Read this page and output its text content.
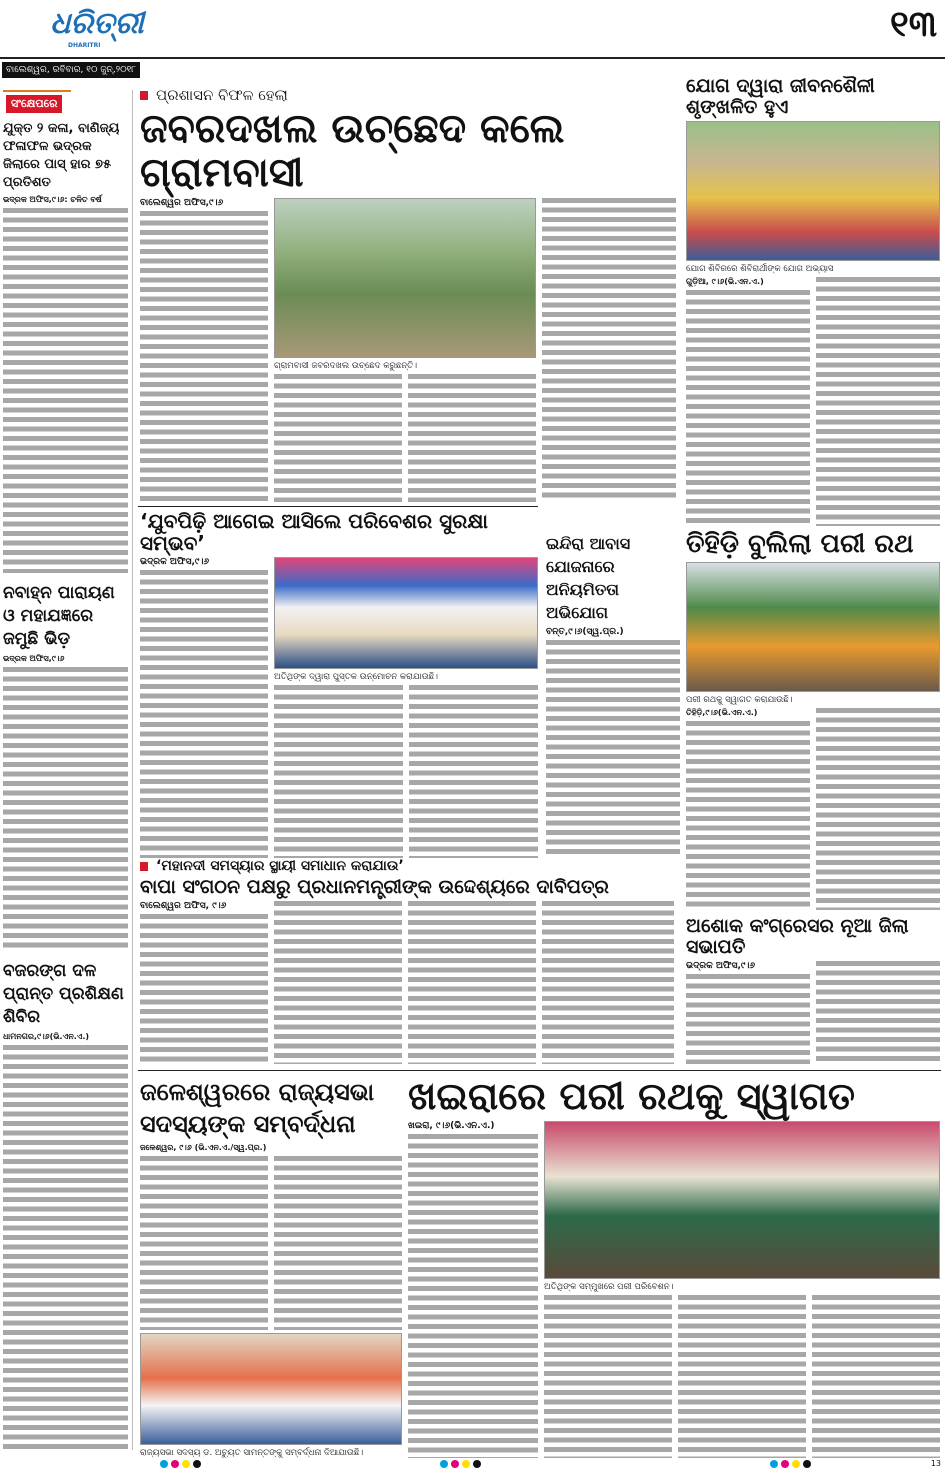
ଧରିତ୍ରୀ
DHARITRI
୧୩
ବାଲେଶ୍ୱର, ରବିବାର, ୧୦ ଜୁନ୍,୨୦୧୮
ସଂକ୍ଷେପରେ
ଯୁକ୍ତ ୨ କଳା, ବାଣିଜ୍ୟ ଫଳାଫଳ ଭଦ୍ରକ ଜିଲାରେ ପାସ୍ ହାର ୭୫ ପ୍ରତିଶତ
ଭଦ୍ରକ ଅଫିସ,୯।୬: ଚଳିତ ବର୍ଷ
ନବାହ୍ନ ପାରାୟଣ ଓ ମହାଯଜ୍ଞରେ ଜମୁଛି ଭିଡ଼
ଭଦ୍ରକ ଅଫିସ,୯।୬
ବଜରଙ୍ଗ ଦଳ ପ୍ରାନ୍ତ ପ୍ରଶିକ୍ଷଣ ଶିବିର
ଧାମନଗର,୯।୬(ଭି.ଏନ.ଏ.)
ପ୍ରଶାସନ ବିଫଳ ହେଲା
ଜବରଦଖଲ ଉଚ୍ଛେଦ କଲେ ଗ୍ରାମବାସୀ
ବାଲେଶ୍ୱର ଅଫିସ,୯।୬
ଗ୍ରାମବାସୀ ଜବରଦଖଲ ଉଚ୍ଛେଦ କରୁଛନ୍ତି।
ଯୋଗ ଦ୍ୱାରା ଜୀବନଶୈଳୀ ଶୃଙ୍ଖଳିତ ହୁଏ
ଯୋଗ ଶିବିରରେ ଶିବିରାର୍ଥୀଙ୍କ ଯୋଗ ଅଭ୍ୟାସ
ଗୁଡ଼ିଆ, ୯।୬(ଭି.ଏନ.ଏ.)
‘ଯୁବପିଢ଼ି ଆଗେଇ ଆସିଲେ ପରିବେଶର ସୁରକ୍ଷା ସମ୍ଭବ’
ଭଦ୍ରକ ଅଫିସ,୯।୬
ଅତିଥିଙ୍କ ଦ୍ୱାରା ପୁସ୍ତକ ଉନ୍ମୋଚନ କରାଯାଉଛି।
ଇନ୍ଦିରା ଆବାସ ଯୋଜନାରେ ଅନିୟମିତତା ଅଭିଯୋଗ
ବନ୍ତ,୯।୬(ସ୍ୱ.ପ୍ର.)
ତିହିଡ଼ି ବୁଲିଲା ପରୀ ରଥ
ପରୀ ରଥକୁ ସ୍ୱାଗତ କରାଯାଉଛି।
ତିହିଡ଼ି,୯।୬(ଭି.ଏନ.ଏ.)
‘ମହାନଦୀ ସମସ୍ୟାର ସ୍ଥାୟୀ ସମାଧାନ କରାଯାଉ’
ବାପା ସଂଗଠନ ପକ୍ଷରୁ ପ୍ରଧାନମନ୍ତ୍ରୀଙ୍କ ଉଦ୍ଦେଶ୍ୟରେ ଦାବିପତ୍ର
ବାଲେଶ୍ୱର ଅଫିସ, ୯।୬
ଅଶୋକ କଂଗ୍ରେସର ନୂଆ ଜିଲା ସଭାପତି
ଭଦ୍ରକ ଅଫିସ,୯।୬
ଜଳେଶ୍ୱରରେ ରାଜ୍ୟସଭା ସଦସ୍ୟଙ୍କ ସମ୍ବର୍ଦ୍ଧନା
ଜଳେଶ୍ୱର, ୯।୬ (ଭି.ଏନ.ଏ./ସ୍ୱ.ପ୍ର.)
ରାଜ୍ୟସଭା ସଦସ୍ୟ ଡ. ଅଚ୍ୟୁତ ସାମନ୍ତଙ୍କୁ ସମ୍ବର୍ଦ୍ଧନା ଦିଆଯାଉଛି।
ଖଇରାରେ ପରୀ ରଥକୁ ସ୍ୱାଗତ
ଖଇରା, ୯।୬(ଭି.ଏନ.ଏ.)
ଅତିଥିଙ୍କ ସମ୍ମୁଖରେ ପରୀ ପରିବେଶନ।
13
